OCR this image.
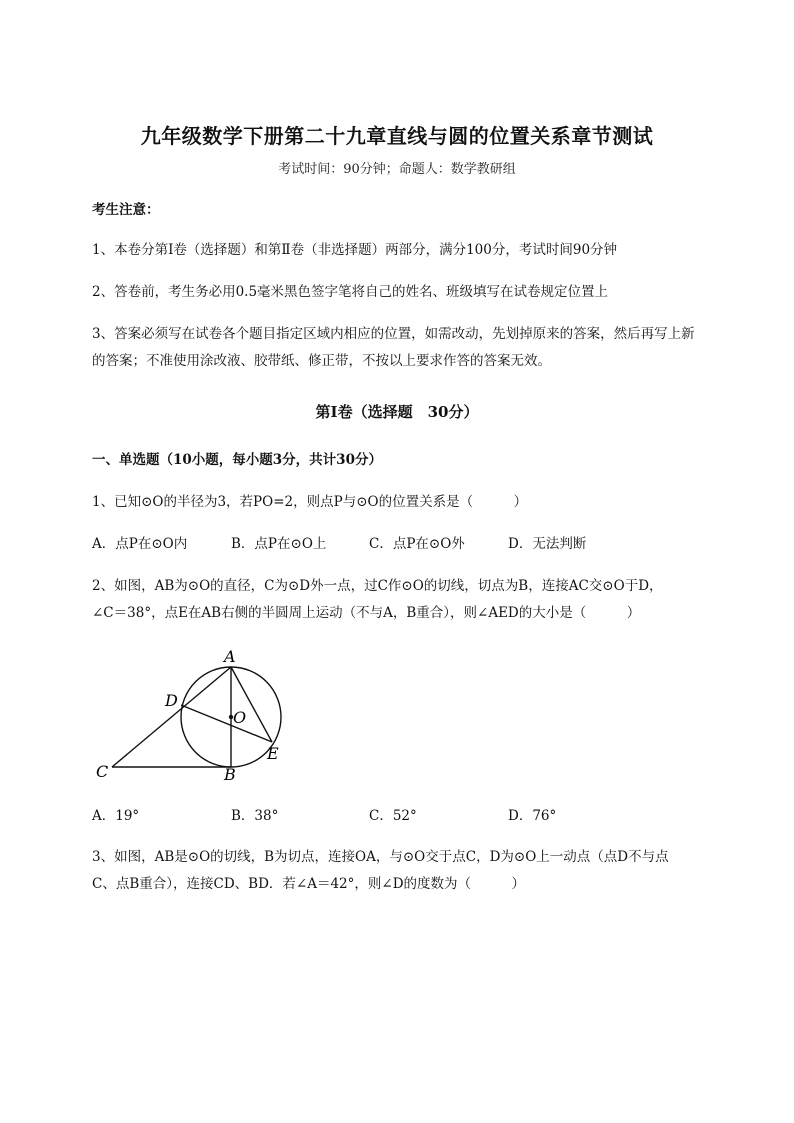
九年级数学下册第二十九章直线与圆的位置关系章节测试
考试时间：90分钟；命题人：数学教研组
考生注意：
1、本卷分第I卷（选择题）和第Ⅱ卷（非选择题）两部分，满分100分，考试时间90分钟
2、答卷前，考生务必用0.5毫米黑色签字笔将自己的姓名、班级填写在试卷规定位置上
3、答案必须写在试卷各个题目指定区域内相应的位置，如需改动，先划掉原来的答案，然后再写上新
的答案；不准使用涂改液、胶带纸、修正带，不按以上要求作答的答案无效。
第I卷（选择题　30分）
一、单选题（10小题，每小题3分，共计30分）
1、已知⊙O的半径为3，若PO=2，则点P与⊙O的位置关系是（　　　）
A．点P在⊙O内	B．点P在⊙O上	C．点P在⊙O外	D．无法判断
2、如图，AB为⊙O的直径，C为⊙D外一点，过C作⊙O的切线，切点为B，连接AC交⊙O于D，
∠C＝38°，点E在AB右侧的半圆周上运动（不与A，B重合），则∠AED的大小是（　　　）
A
B
C
D
E
O
A．19°	B．38°	C．52°	D．76°
3、如图，AB是⊙O的切线，B为切点，连接OA，与⊙O交于点C，D为⊙O上一动点（点D不与点
C、点B重合），连接CD、BD．若∠A＝42°，则∠D的度数为（　　　）
